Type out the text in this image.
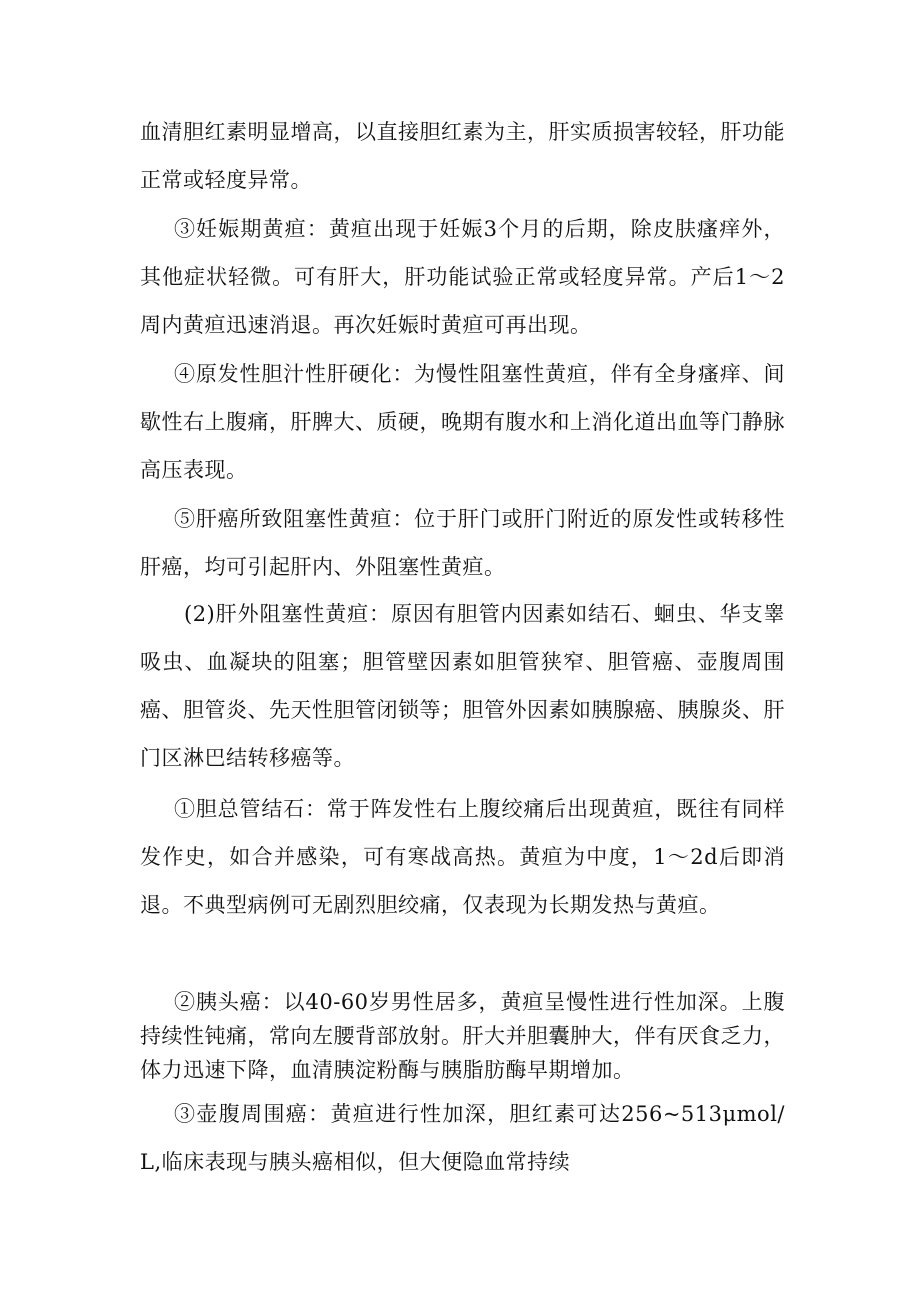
血清胆红素明显增高，以直接胆红素为主，肝实质损害较轻，肝功能正常或轻度异常。

③妊娠期黄疸：黄疸出现于妊娠3个月的后期，除皮肤瘙痒外，其他症状轻微。可有肝大，肝功能试验正常或轻度异常。产后1～2周内黄疸迅速消退。再次妊娠时黄疸可再出现。

④原发性胆汁性肝硬化：为慢性阻塞性黄疸，伴有全身瘙痒、间歇性右上腹痛，肝脾大、质硬，晚期有腹水和上消化道出血等门静脉高压表现。

⑤肝癌所致阻塞性黄疸：位于肝门或肝门附近的原发性或转移性肝癌，均可引起肝内、外阻塞性黄疸。

(2)肝外阻塞性黄疸：原因有胆管内因素如结石、蛔虫、华支睾吸虫、血凝块的阻塞；胆管壁因素如胆管狭窄、胆管癌、壶腹周围癌、胆管炎、先天性胆管闭锁等；胆管外因素如胰腺癌、胰腺炎、肝门区淋巴结转移癌等。

①胆总管结石：常于阵发性右上腹绞痛后出现黄疸，既往有同样发作史，如合并感染，可有寒战高热。黄疸为中度，1～2d后即消退。不典型病例可无剧烈胆绞痛，仅表现为长期发热与黄疸。

②胰头癌：以40-60岁男性居多，黄疸呈慢性进行性加深。上腹持续性钝痛，常向左腰背部放射。肝大并胆囊肿大，伴有厌食乏力，体力迅速下降，血清胰淀粉酶与胰脂肪酶早期增加。

③壶腹周围癌：黄疸进行性加深，胆红素可达256~513μmol/L,临床表现与胰头癌相似，但大便隐血常持续
